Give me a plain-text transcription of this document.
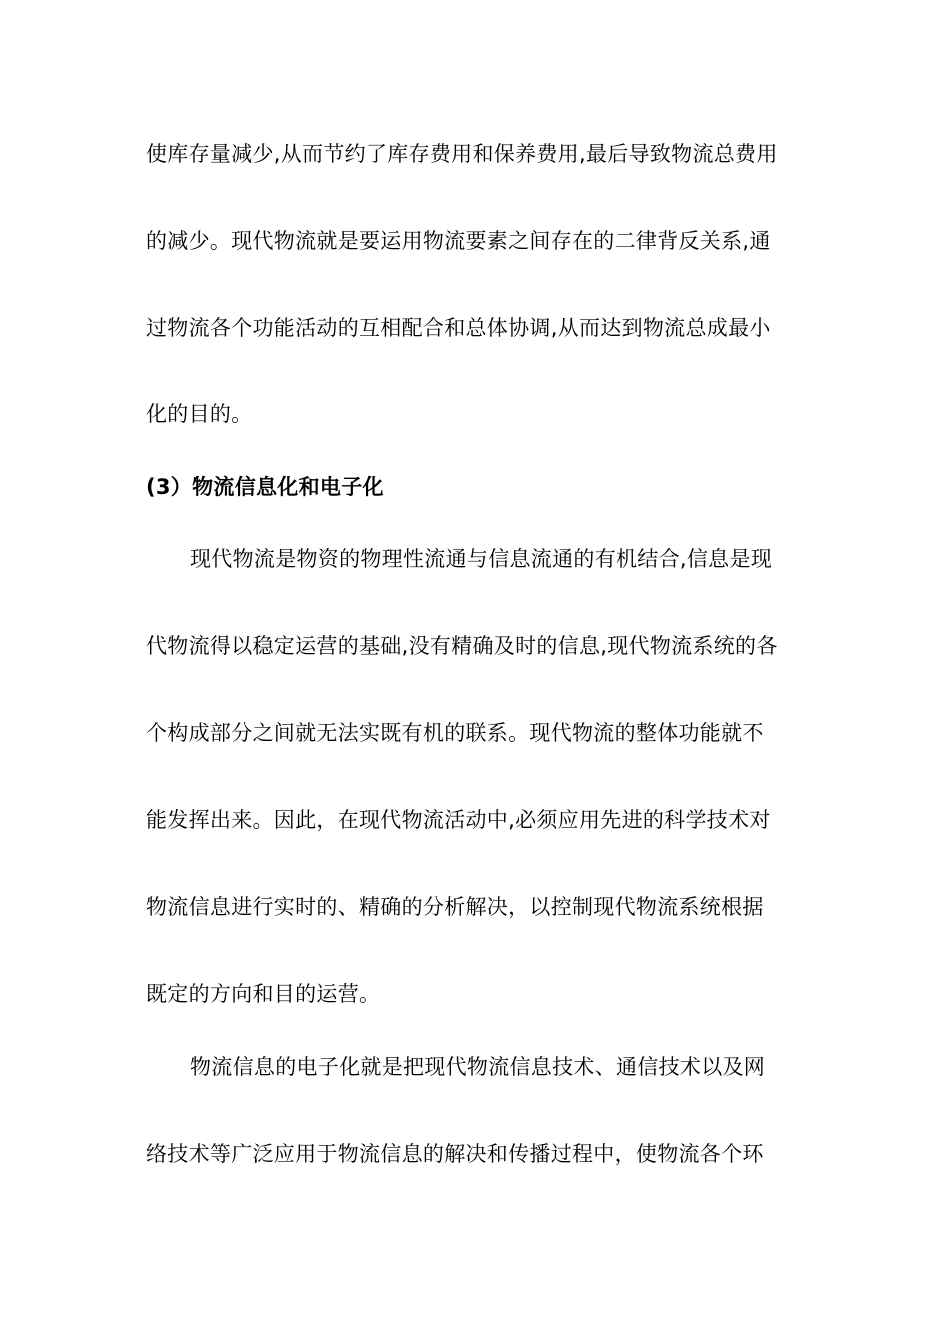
使库存量减少,从而节约了库存费用和保养费用,最后导致物流总费用
的减少。现代物流就是要运用物流要素之间存在的二律背反关系,通
过物流各个功能活动的互相配合和总体协调,从而达到物流总成最小
化的目的。
(3）物流信息化和电子化
现代物流是物资的物理性流通与信息流通的有机结合,信息是现
代物流得以稳定运营的基础,没有精确及时的信息,现代物流系统的各
个构成部分之间就无法实既有机的联系。现代物流的整体功能就不
能发挥出来。因此，在现代物流活动中,必须应用先进的科学技术对
物流信息进行实时的、精确的分析解决，以控制现代物流系统根据
既定的方向和目的运营。
物流信息的电子化就是把现代物流信息技术、通信技术以及网
络技术等广泛应用于物流信息的解决和传播过程中，使物流各个环
